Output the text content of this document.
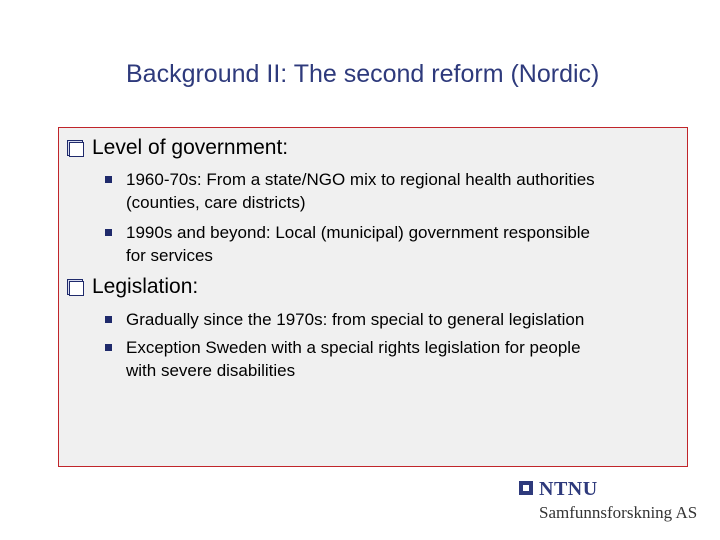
Background II: The second reform (Nordic)
Level of government:
1960-70s: From a state/NGO mix to regional health authorities
(counties, care districts)
1990s and beyond: Local (municipal) government responsible
for services
Legislation:
Gradually since the 1970s: from special to general legislation
Exception Sweden with a special rights legislation for people
with severe disabilities
NTNU
Samfunnsforskning AS
